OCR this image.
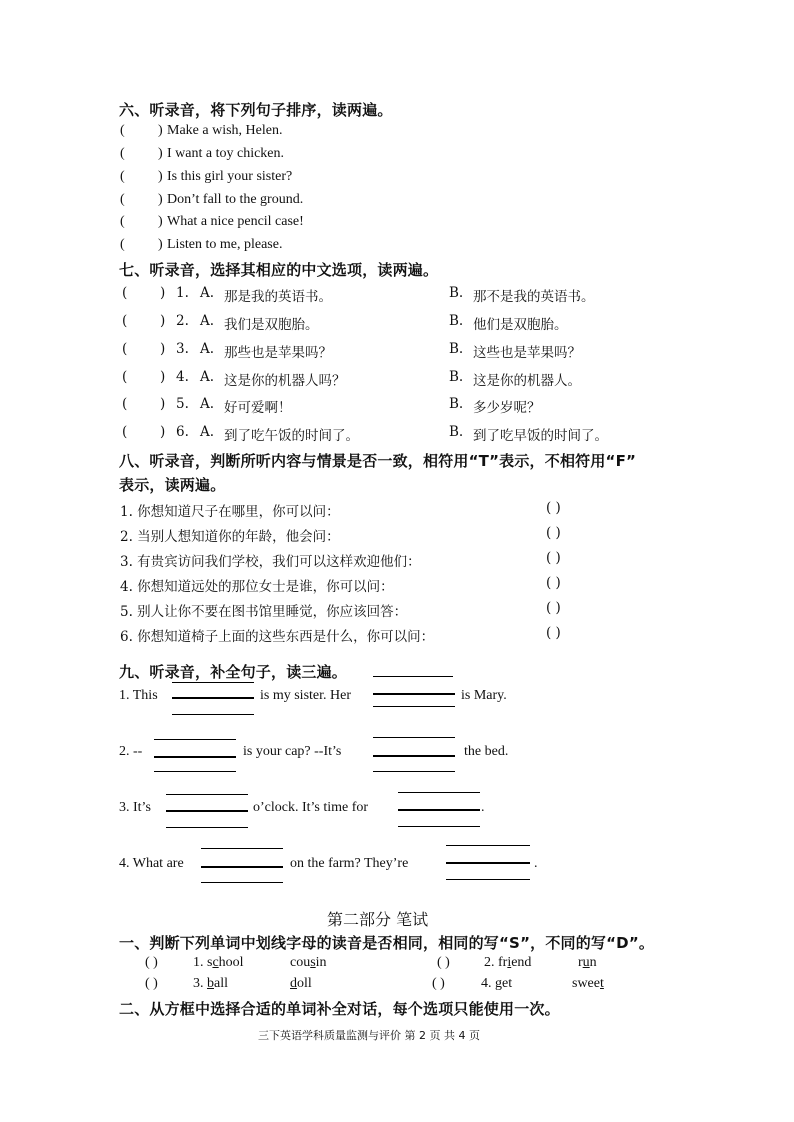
六、听录音，将下列句子排序，读两遍。
( ) Make a wish, Helen.
( ) I want a toy chicken.
( ) Is this girl your sister?
( ) Don’t fall to the ground.
( ) What a nice pencil case!
( ) Listen to me, please.
七、听录音，选择其相应的中文选项，读两遍。
( ) 1. A. 那是我的英语书。	B. 那不是我的英语书。
( ) 2. A. 我们是双胞胎。	B. 他们是双胞胎。
( ) 3. A. 那些也是苹果吗？	B. 这些也是苹果吗？
( ) 4. A. 这是你的机器人吗？	B. 这是你的机器人。
( ) 5. A. 好可爱啊！	B. 多少岁呢？
( ) 6. A. 到了吃午饭的时间了。	B. 到了吃早饭的时间了。
八、听录音，判断所听内容与情景是否一致，相符用“T”表示，不相符用“F”
表示，读两遍。
1. 你想知道尺子在哪里，你可以问：	( )
2. 当别人想知道你的年龄，他会问：	( )
3. 有贵宾访问我们学校，我们可以这样欢迎他们：	( )
4. 你想知道远处的那位女士是谁，你可以问：	( )
5. 别人让你不要在图书馆里睡觉，你应该回答：	( )
6. 你想知道椅子上面的这些东西是什么，你可以问：	( )
九、听录音，补全句子，读三遍。
1. This	is my sister. Her	is Mary.
2. --	is your cap? --It’s	the bed.
3. It’s	o’clock. It’s time for	.
4. What are	on the farm? They’re	.
第二部分 笔试
一、判断下列单词中划线字母的读音是否相同，相同的写“S”，不同的写“D”。
( )	1. school	cousin	( ) 2. friend	run
( )	3. ball	doll	( )	4. get	sweet
二、从方框中选择合适的单词补全对话，每个选项只能使用一次。
三下英语学科质量监测与评价 第 2 页 共 4 页
